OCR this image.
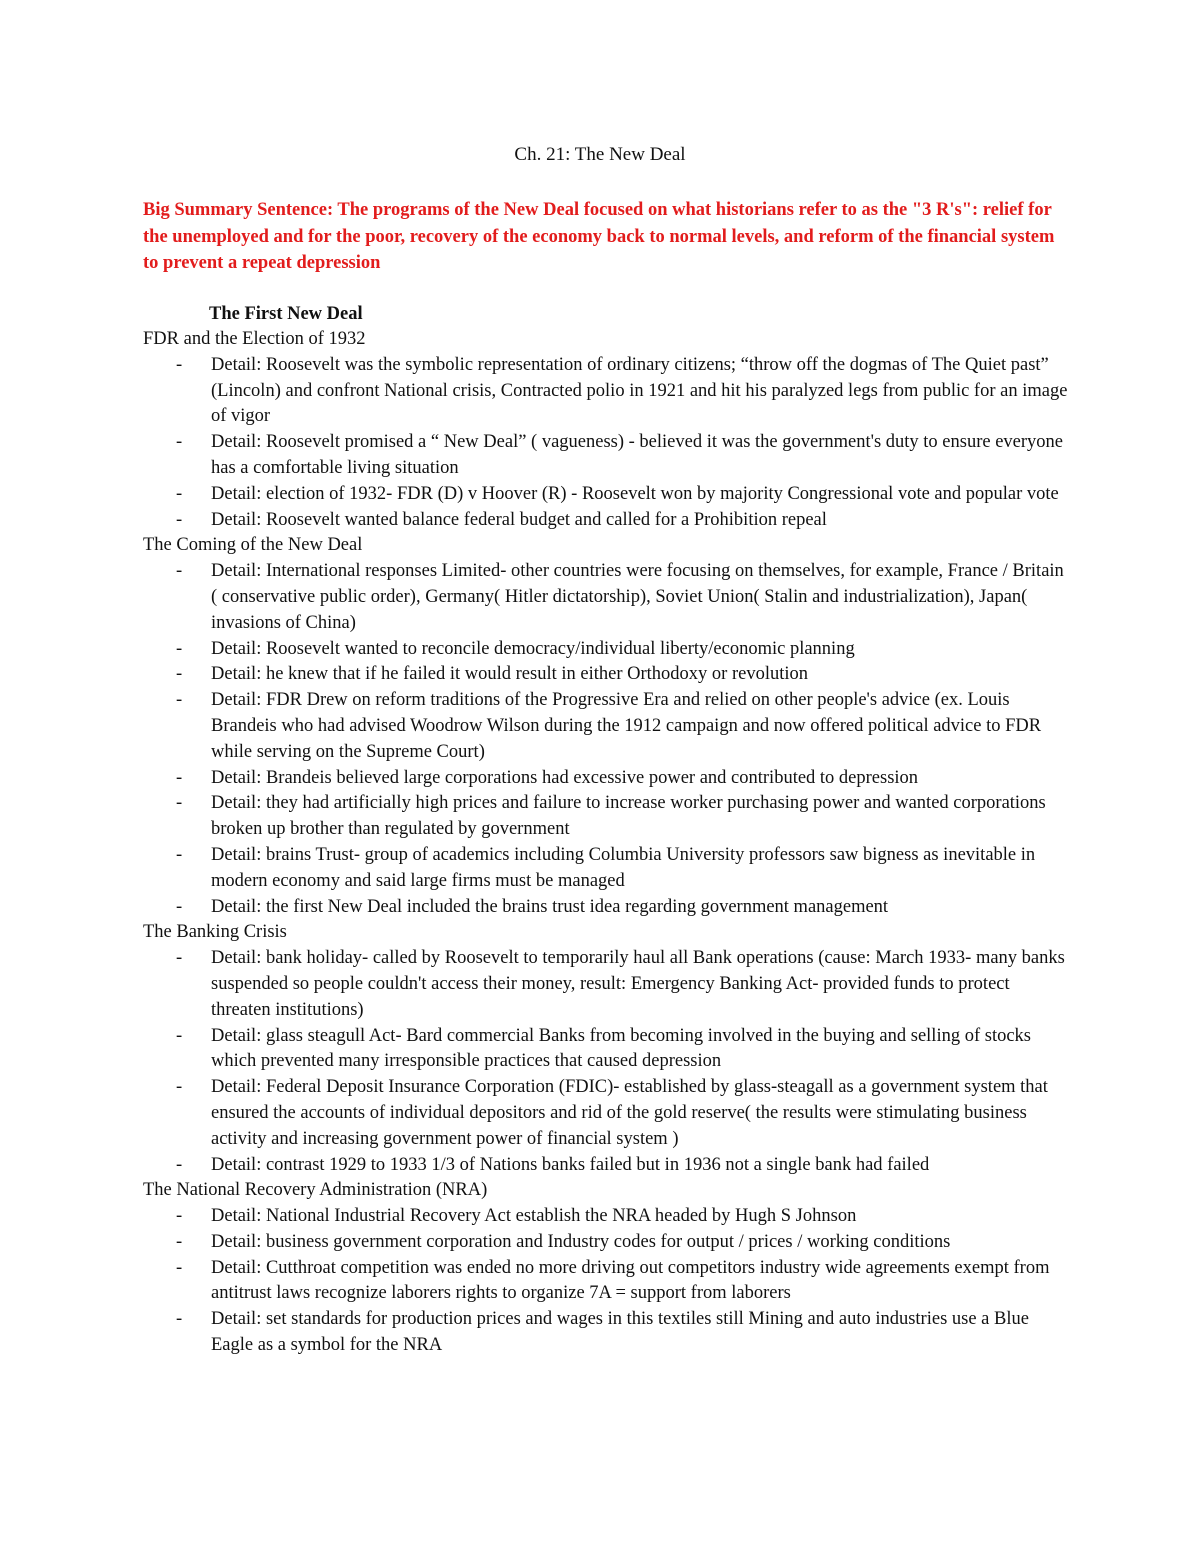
Ch. 21: The New Deal

Big Summary Sentence: The programs of the New Deal focused on what historians refer to as the "3 R's": relief for the unemployed and for the poor, recovery of the economy back to normal levels, and reform of the financial system to prevent a repeat depression

The First New Deal

FDR and the Election of 1932

- Detail: Roosevelt was the symbolic representation of ordinary citizens; “throw off the dogmas of The Quiet past” (Lincoln) and confront National crisis, Contracted polio in 1921 and hit his paralyzed legs from public for an image of vigor
- Detail: Roosevelt promised a “ New Deal” ( vagueness) - believed it was the government's duty to ensure everyone has a comfortable living situation
- Detail: election of 1932- FDR (D) v Hoover (R) - Roosevelt won by majority Congressional vote and popular vote
- Detail: Roosevelt wanted balance federal budget and called for a Prohibition repeal

The Coming of the New Deal

- Detail: International responses Limited- other countries were focusing on themselves, for example, France / Britain ( conservative public order), Germany( Hitler dictatorship), Soviet Union( Stalin and industrialization), Japan( invasions of China)
- Detail: Roosevelt wanted to reconcile democracy/individual liberty/economic planning
- Detail: he knew that if he failed it would result in either Orthodoxy or revolution
- Detail: FDR Drew on reform traditions of the Progressive Era and relied on other people's advice (ex. Louis Brandeis who had advised Woodrow Wilson during the 1912 campaign and now offered political advice to FDR while serving on the Supreme Court)
- Detail: Brandeis believed large corporations had excessive power and contributed to depression
- Detail: they had artificially high prices and failure to increase worker purchasing power and wanted corporations broken up brother than regulated by government
- Detail: brains Trust- group of academics including Columbia University professors saw bigness as inevitable in modern economy and said large firms must be managed
- Detail: the first New Deal included the brains trust idea regarding government management

The Banking Crisis

- Detail: bank holiday- called by Roosevelt to temporarily haul all Bank operations (cause: March 1933- many banks suspended so people couldn't access their money, result: Emergency Banking Act- provided funds to protect threaten institutions)
- Detail: glass steagull Act- Bard commercial Banks from becoming involved in the buying and selling of stocks which prevented many irresponsible practices that caused depression
- Detail: Federal Deposit Insurance Corporation (FDIC)- established by glass-steagall as a government system that ensured the accounts of individual depositors and rid of the gold reserve( the results were stimulating business activity and increasing government power of financial system )
- Detail: contrast 1929 to 1933 1/3 of Nations banks failed but in 1936 not a single bank had failed

The National Recovery Administration (NRA)

- Detail: National Industrial Recovery Act establish the NRA headed by Hugh S Johnson
- Detail: business government corporation and Industry codes for output / prices / working conditions
- Detail: Cutthroat competition was ended no more driving out competitors industry wide agreements exempt from antitrust laws recognize laborers rights to organize 7A = support from laborers
- Detail: set standards for production prices and wages in this textiles still Mining and auto industries use a Blue Eagle as a symbol for the NRA
